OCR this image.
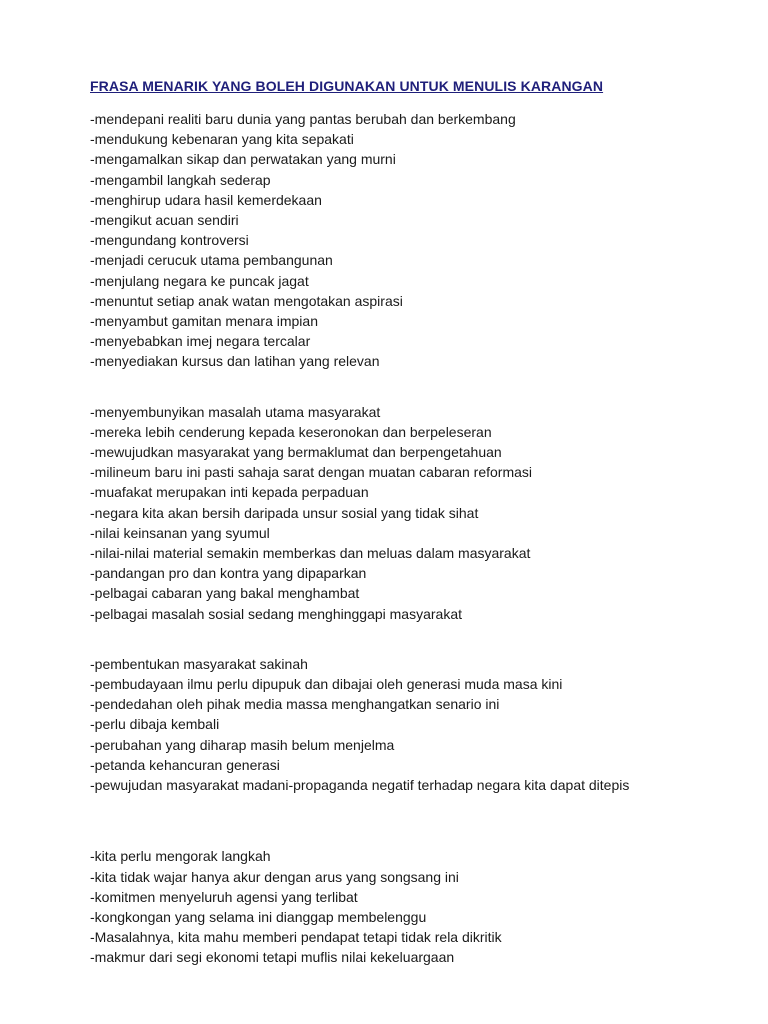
FRASA MENARIK YANG BOLEH DIGUNAKAN UNTUK MENULIS KARANGAN
-mendepani realiti baru dunia yang pantas berubah dan berkembang
-mendukung kebenaran yang kita sepakati
-mengamalkan sikap dan perwatakan yang murni
-mengambil langkah sederap
-menghirup udara hasil kemerdekaan
-mengikut acuan sendiri
-mengundang kontroversi
-menjadi cerucuk utama pembangunan
-menjulang negara ke puncak jagat
-menuntut setiap anak watan mengotakan aspirasi
-menyambut gamitan menara impian
-menyebabkan imej negara tercalar
-menyediakan kursus dan latihan yang relevan
-menyembunyikan masalah utama masyarakat
-mereka lebih cenderung kepada keseronokan dan berpeleseran
-mewujudkan masyarakat yang bermaklumat dan berpengetahuan
-milineum baru ini pasti sahaja sarat dengan muatan cabaran reformasi
-muafakat merupakan inti kepada perpaduan
-negara kita akan bersih daripada unsur sosial yang tidak sihat
-nilai keinsanan yang syumul
-nilai-nilai material semakin memberkas dan meluas dalam masyarakat
-pandangan pro dan kontra yang dipaparkan
-pelbagai cabaran yang bakal menghambat
-pelbagai masalah sosial sedang menghinggapi masyarakat
-pembentukan masyarakat sakinah
-pembudayaan ilmu perlu dipupuk dan dibajai oleh generasi muda masa kini
-pendedahan oleh pihak media massa menghangatkan senario ini
-perlu dibaja kembali
-perubahan yang diharap masih belum menjelma
-petanda kehancuran generasi
-pewujudan masyarakat madani-propaganda negatif terhadap negara kita dapat ditepis
-kita perlu mengorak langkah
-kita tidak wajar hanya akur dengan arus yang songsang ini
-komitmen menyeluruh agensi yang terlibat
-kongkongan yang selama ini dianggap membelenggu
-Masalahnya, kita mahu memberi pendapat tetapi tidak rela dikritik
-makmur dari segi ekonomi tetapi muflis nilai kekeluargaan
